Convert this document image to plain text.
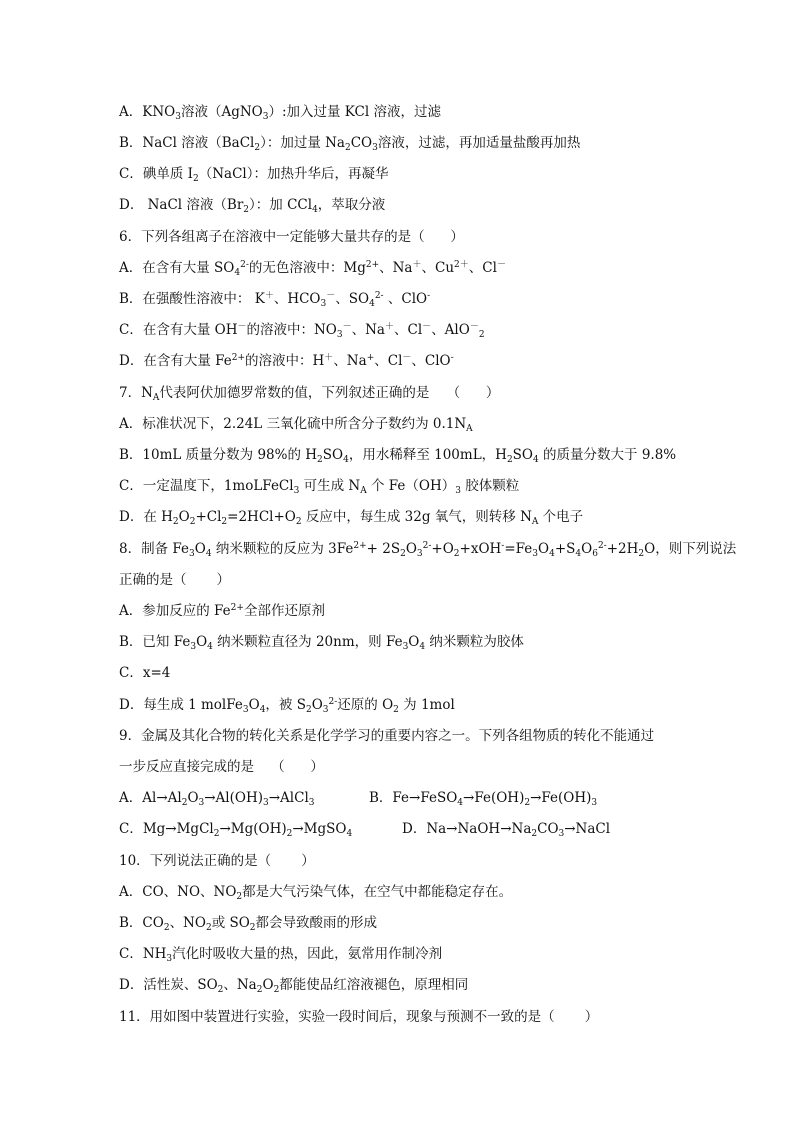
A．$KNO_3$溶液（AgNO$_3$）:加入过量 KCl 溶液，过滤
B．NaCl 溶液（BaCl$_2$）：加过量 $Na_2CO_3$溶液，过滤，再加适量盐酸再加热
C．碘单质 $I_2(NaCl)$：加热升华后，再凝华
D． NaCl 溶液$(Br_2)$：加 CCl$_4$，萃取分液
6．下列各组离子在溶液中一定能够大量共存的是（      ）
A．在含有大量 $SO_4^{2-}$的无色溶液中：$Mg^{2+}$、Na＋、$Cu^{2+}$、Cl－
B．在强酸性溶液中： K＋、$HCO_3^-$、$SO_4^{2-}$ 、ClO-
C．在含有大量 OH－的溶液中：$NO_3^-$、Na＋、Cl－、AlO－$_2$
D．在含有大量 $Fe^{2+}$的溶液中：H＋、Na+、Cl－、ClO-
7．$N_A$代表阿伏加德罗常数的值，下列叙述正确的是    （      ）
A．标准状况下，2.24L 三氧化硫中所含分子数约为 $0.1N_A$
B．10mL 质量分数为 98%的 $H_2SO_4$，用水稀释至 100mL，$H_2SO_4$ 的质量分数大于 9.8%
C．一定温度下，1moLFeCl$_3$ 可生成 $N_A$ 个 $Fe(OH)_3$ 胶体颗粒
D．在 $H_2O_2+Cl_2=2HCl+O_2$ 反应中，每生成 32g 氧气，则转移 $N_A$ 个电子
8．制备 $Fe_3O_4$ 纳米颗粒的反应为 $3Fe^{2+}+ 2S_2O_3^{2-}+O_2+xOH^-=Fe_3O_4+S_4O_6^{2-}+2H_2O$，则下列说法
正确的是（       ）
A．参加反应的 $Fe^{2+}$全部作还原剂
B．已知 $Fe_3O_4$ 纳米颗粒直径为 20nm，则 $Fe_3O_4$ 纳米颗粒为胶体
C．x=4
D．每生成 1 $molFe_3O_4$，被 $S_2O_3^{2-}$还原的 $O_2$ 为 1mol
9．金属及其化合物的转化关系是化学学习的重要内容之一。下列各组物质的转化不能通过
一步反应直接完成的是    （      ）
A．$Al\to Al_2O_3\to Al(OH)_3\to AlCl_3$	B．$Fe\to FeSO_4\to Fe(OH)_2\to Fe(OH)_3$
C．$Mg\to MgCl_2\to Mg(OH)_2\to MgSO_4$	D．$Na\to NaOH\to Na_2CO_3\to NaCl$
10．下列说法正确的是（       ）
A．CO、NO、$NO_2$都是大气污染气体，在空气中都能稳定存在。
B．$CO_2$、$NO_2$或 $SO_2$都会导致酸雨的形成
C．$NH_3$汽化时吸收大量的热，因此，氨常用作制冷剂
D．活性炭、$SO_2$、$Na_2O_2$都能使品红溶液褪色，原理相同
11．用如图中装置进行实验，实验一段时间后，现象与预测不一致的是（       ）
